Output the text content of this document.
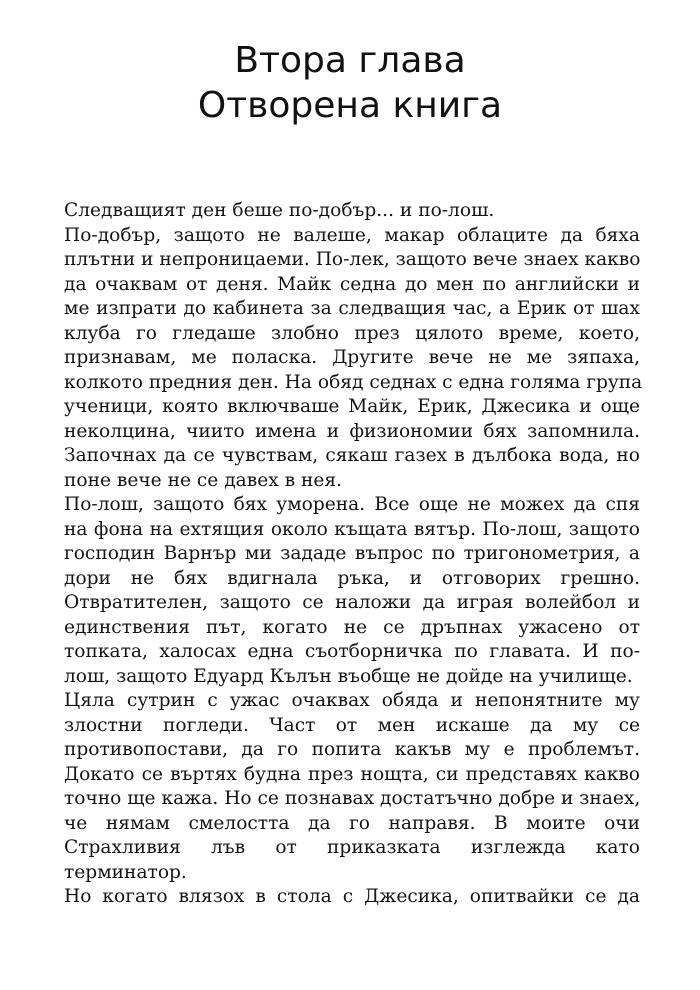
Втора глава
Отворена книга
Следващият ден беше по-добър... и по-лош.
По-добър, защото не валеше, макар облаците да бяха
плътни и непроницаеми. По-лек, защото вече знаех какво
да очаквам от деня. Майк седна до мен по английски и
ме изпрати до кабинета за следващия час, а Ерик от шах
клуба го гледаше злобно през цялото време, което,
признавам, ме поласка. Другите вече не ме зяпаха,
колкото предния ден. На обяд седнах с една голяма група
ученици, която включваше Майк, Ерик, Джесика и още
неколцина, чиито имена и физиономии бях запомнила.
Започнах да се чувствам, сякаш газех в дълбока вода, но
поне вече не се давех в нея.
По-лош, защото бях уморена. Все още не можех да спя
на фона на ехтящия около къщата вятър. По-лош, защото
господин Варнър ми зададе въпрос по тригонометрия, а
дори не бях вдигнала ръка, и отговорих грешно.
Отвратителен, защото се наложи да играя волейбол и
единствения път, когато не се дръпнах ужасено от
топката, халосах една съотборничка по главата. И по-
лош, защото Едуард Кълън въобще не дойде на училище.
Цяла сутрин с ужас очаквах обяда и непонятните му
злостни погледи. Част от мен искаше да му се
противопостави, да го попита какъв му е проблемът.
Докато се въртях будна през нощта, си представях какво
точно ще кажа. Но се познавах достатъчно добре и знаех,
че нямам смелостта да го направя. В моите очи
Страхливия лъв от приказката изглежда като
терминатор.
Но когато влязох в стола с Джесика, опитвайки се да
